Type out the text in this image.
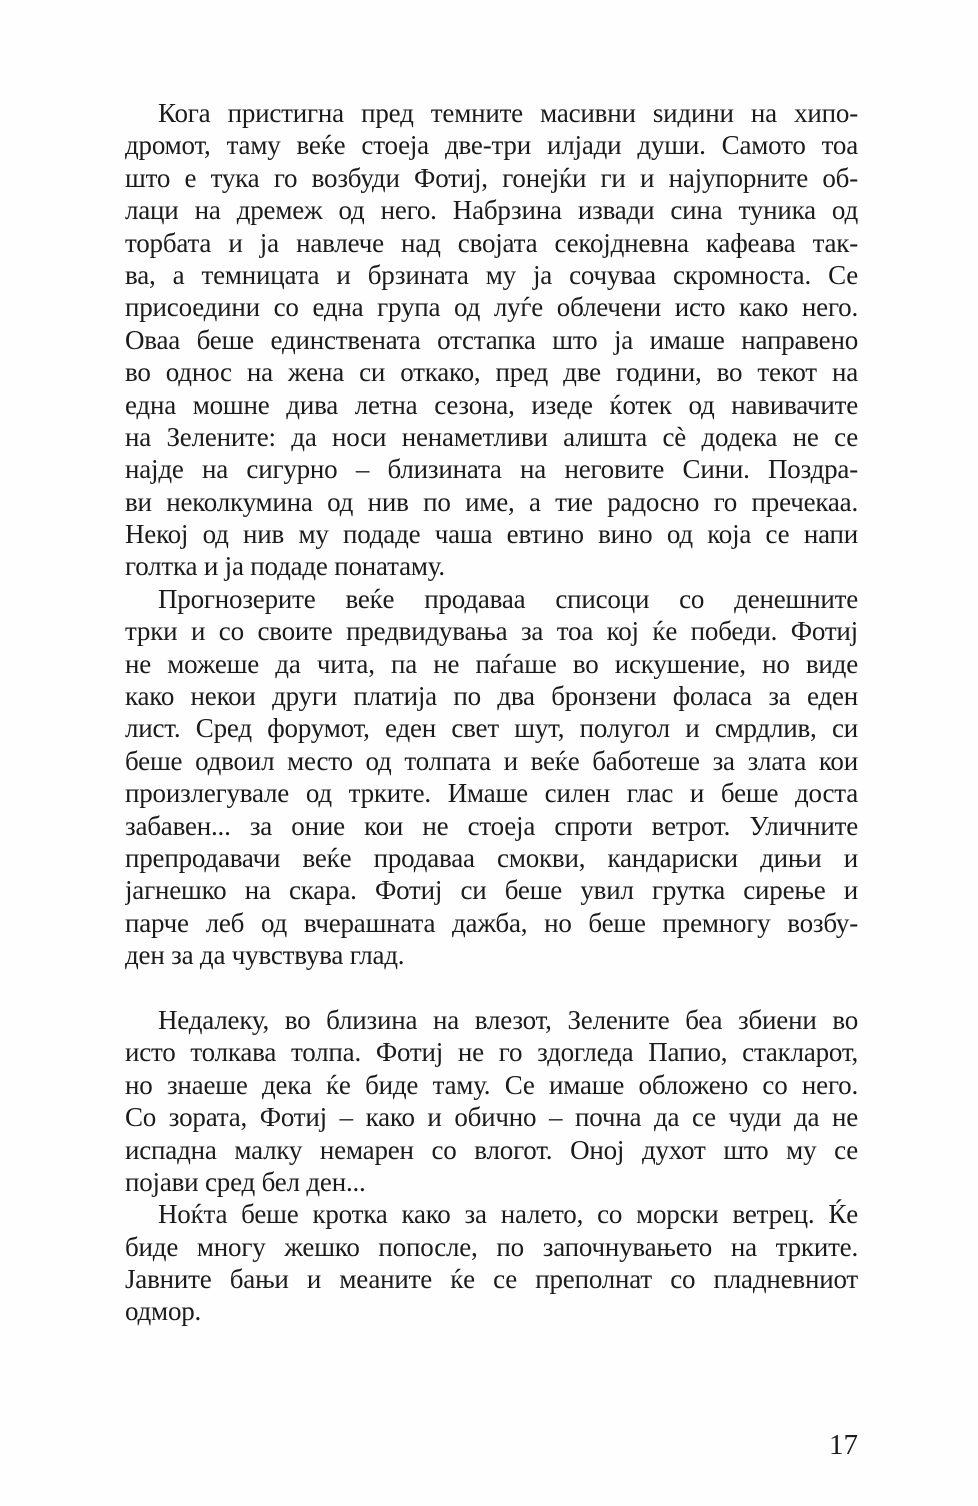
Кога пристигна пред темните масивни ѕидини на хипо-
дромот, таму веќе стоеја две-три илјади души. Самото тоа
што е тука го возбуди Фотиј, гонејќи ги и најупорните об-
лаци на дремеж од него. Набрзина извади сина туника од
торбата и ја навлече над својата секојдневна кафеава так-
ва, а темницата и брзината му ја сочуваа скромноста. Се
присоедини со една група од луѓе облечени исто како него.
Оваа беше единствената отстапка што ја имаше направено
во однос на жена си откако, пред две години, во текот на
една мошне дива летна сезона, изеде ќотек од навивачите
на Зелените: да носи ненаметливи алишта сè додека не се
најде на сигурно – близината на неговите Сини. Поздра-
ви неколкумина од нив по име, а тие радосно го пречекаа.
Некој од нив му подаде чаша евтино вино од која се напи
голтка и ја подаде понатаму.
Прогнозерите веќе продаваа списоци со денешните
трки и со своите предвидувања за тоа кој ќе победи. Фотиј
не можеше да чита, па не паѓаше во искушение, но виде
како некои други платија по два бронзени фоласа за еден
лист. Сред форумот, еден свет шут, полугол и смрдлив, си
беше одвоил место од толпата и веќе баботеше за злата кои
произлегувале од трките. Имаше силен глас и беше доста
забавен... за оние кои не стоеја спроти ветрот. Уличните
препродавачи веќе продаваа смокви, кандариски дињи и
јагнешко на скара. Фотиј си беше увил грутка сирење и
парче леб од вчерашната дажба, но беше премногу возбу-
ден за да чувствува глад.
Недалеку, во близина на влезот, Зелените беа збиени во
исто толкава толпа. Фотиј не го здогледа Папио, стакларот,
но знаеше дека ќе биде таму. Се имаше обложено со него.
Со зората, Фотиј – како и обично – почна да се чуди да не
испадна малку немарен со влогот. Оној духот што му се
појави сред бел ден...
Ноќта беше кротка како за налето, со морски ветрец. Ќе
биде многу жешко попосле, по започнувањето на трките.
Јавните бањи и меаните ќе се преполнат со пладневниот
одмор.
17
